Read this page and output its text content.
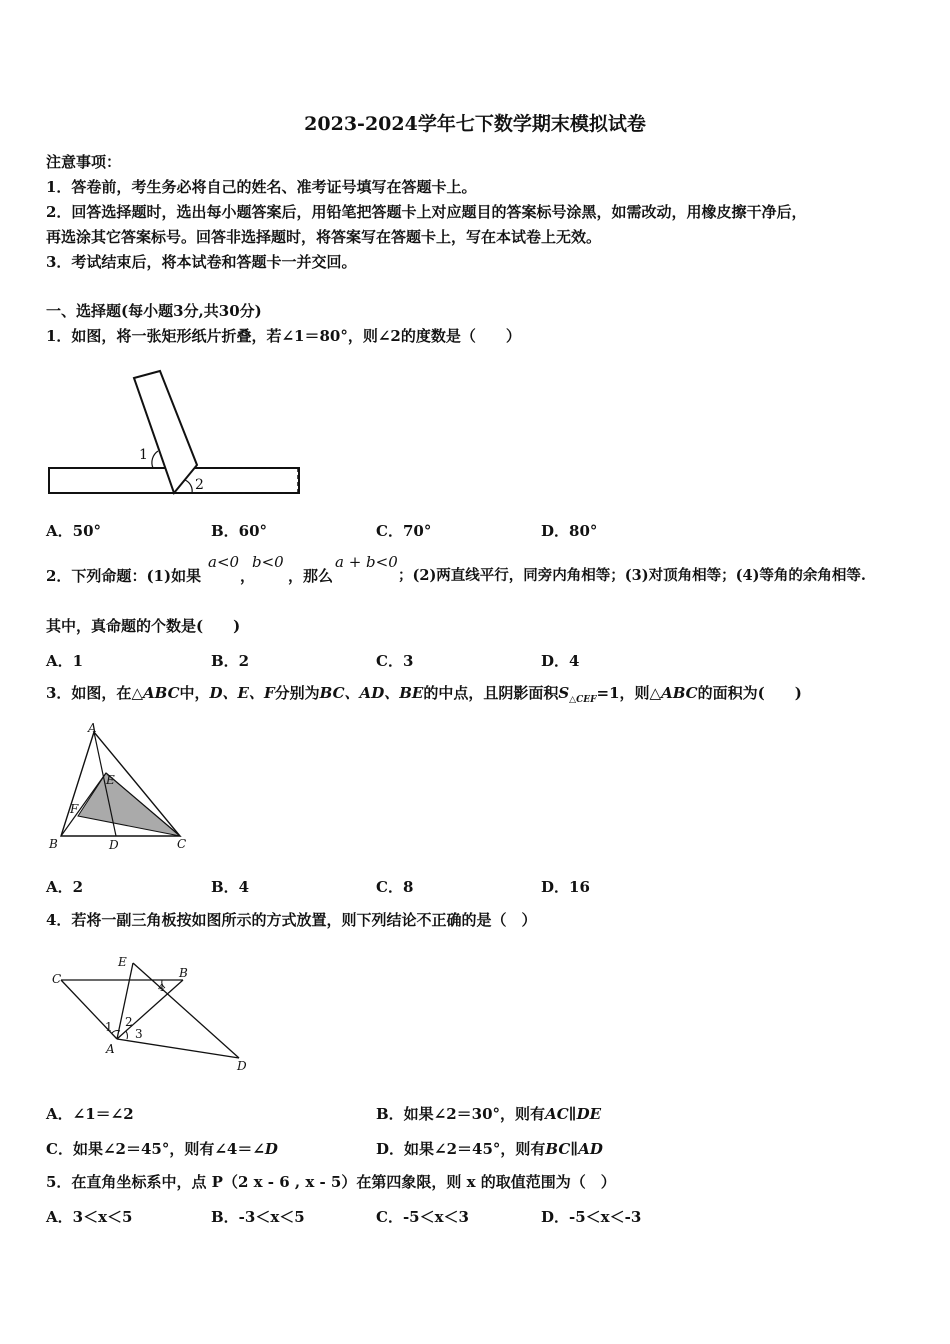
2023-2024学年七下数学期末模拟试卷
注意事项：
1．答卷前，考生务必将自己的姓名、准考证号填写在答题卡上。
2．回答选择题时，选出每小题答案后，用铅笔把答题卡上对应题目的答案标号涂黑，如需改动，用橡皮擦干净后，
再选涂其它答案标号。回答非选择题时，将答案写在答题卡上，写在本试卷上无效。
3．考试结束后，将本试卷和答题卡一并交回。
一、选择题(每小题3分,共30分)
1．如图，将一张矩形纸片折叠，若∠1＝80°，则∠2的度数是（　　）
1
2
A．50°	B．60°	C．70°	D．80°
2．下列命题：(1)如果
a<0
，
b<0
，那么
a + b<0
；(2)两直线平行，同旁内角相等；(3)对顶角相等；(4)等角的余角相等.
其中，真命题的个数是(　　)
A．1	B．2	C．3	D．4
3．如图，在△ABC中，D、E、F分别为BC、AD、BE的中点，且阴影面积$S_{\triangle CEF}=1$，则△ABC的面积为(　　)
A
B	C
D
E
F
A．2	B．4	C．8	D．16
4．若将一副三角板按如图所示的方式放置，则下列结论不正确的是（　）
C
E
B
A
D
1 2
3
4
A．∠1＝∠2	B．如果∠2＝30°，则有AC∥DE
C．如果∠2＝45°，则有∠4＝∠D	D．如果∠2＝45°，则有BC∥AD
5．在直角坐标系中，点 P（2 x - 6 , x - 5）在第四象限，则 x 的取值范围为（　）
A．3＜x＜5	B．-3＜x＜5	C．-5＜x＜3	D．-5＜x＜-3
